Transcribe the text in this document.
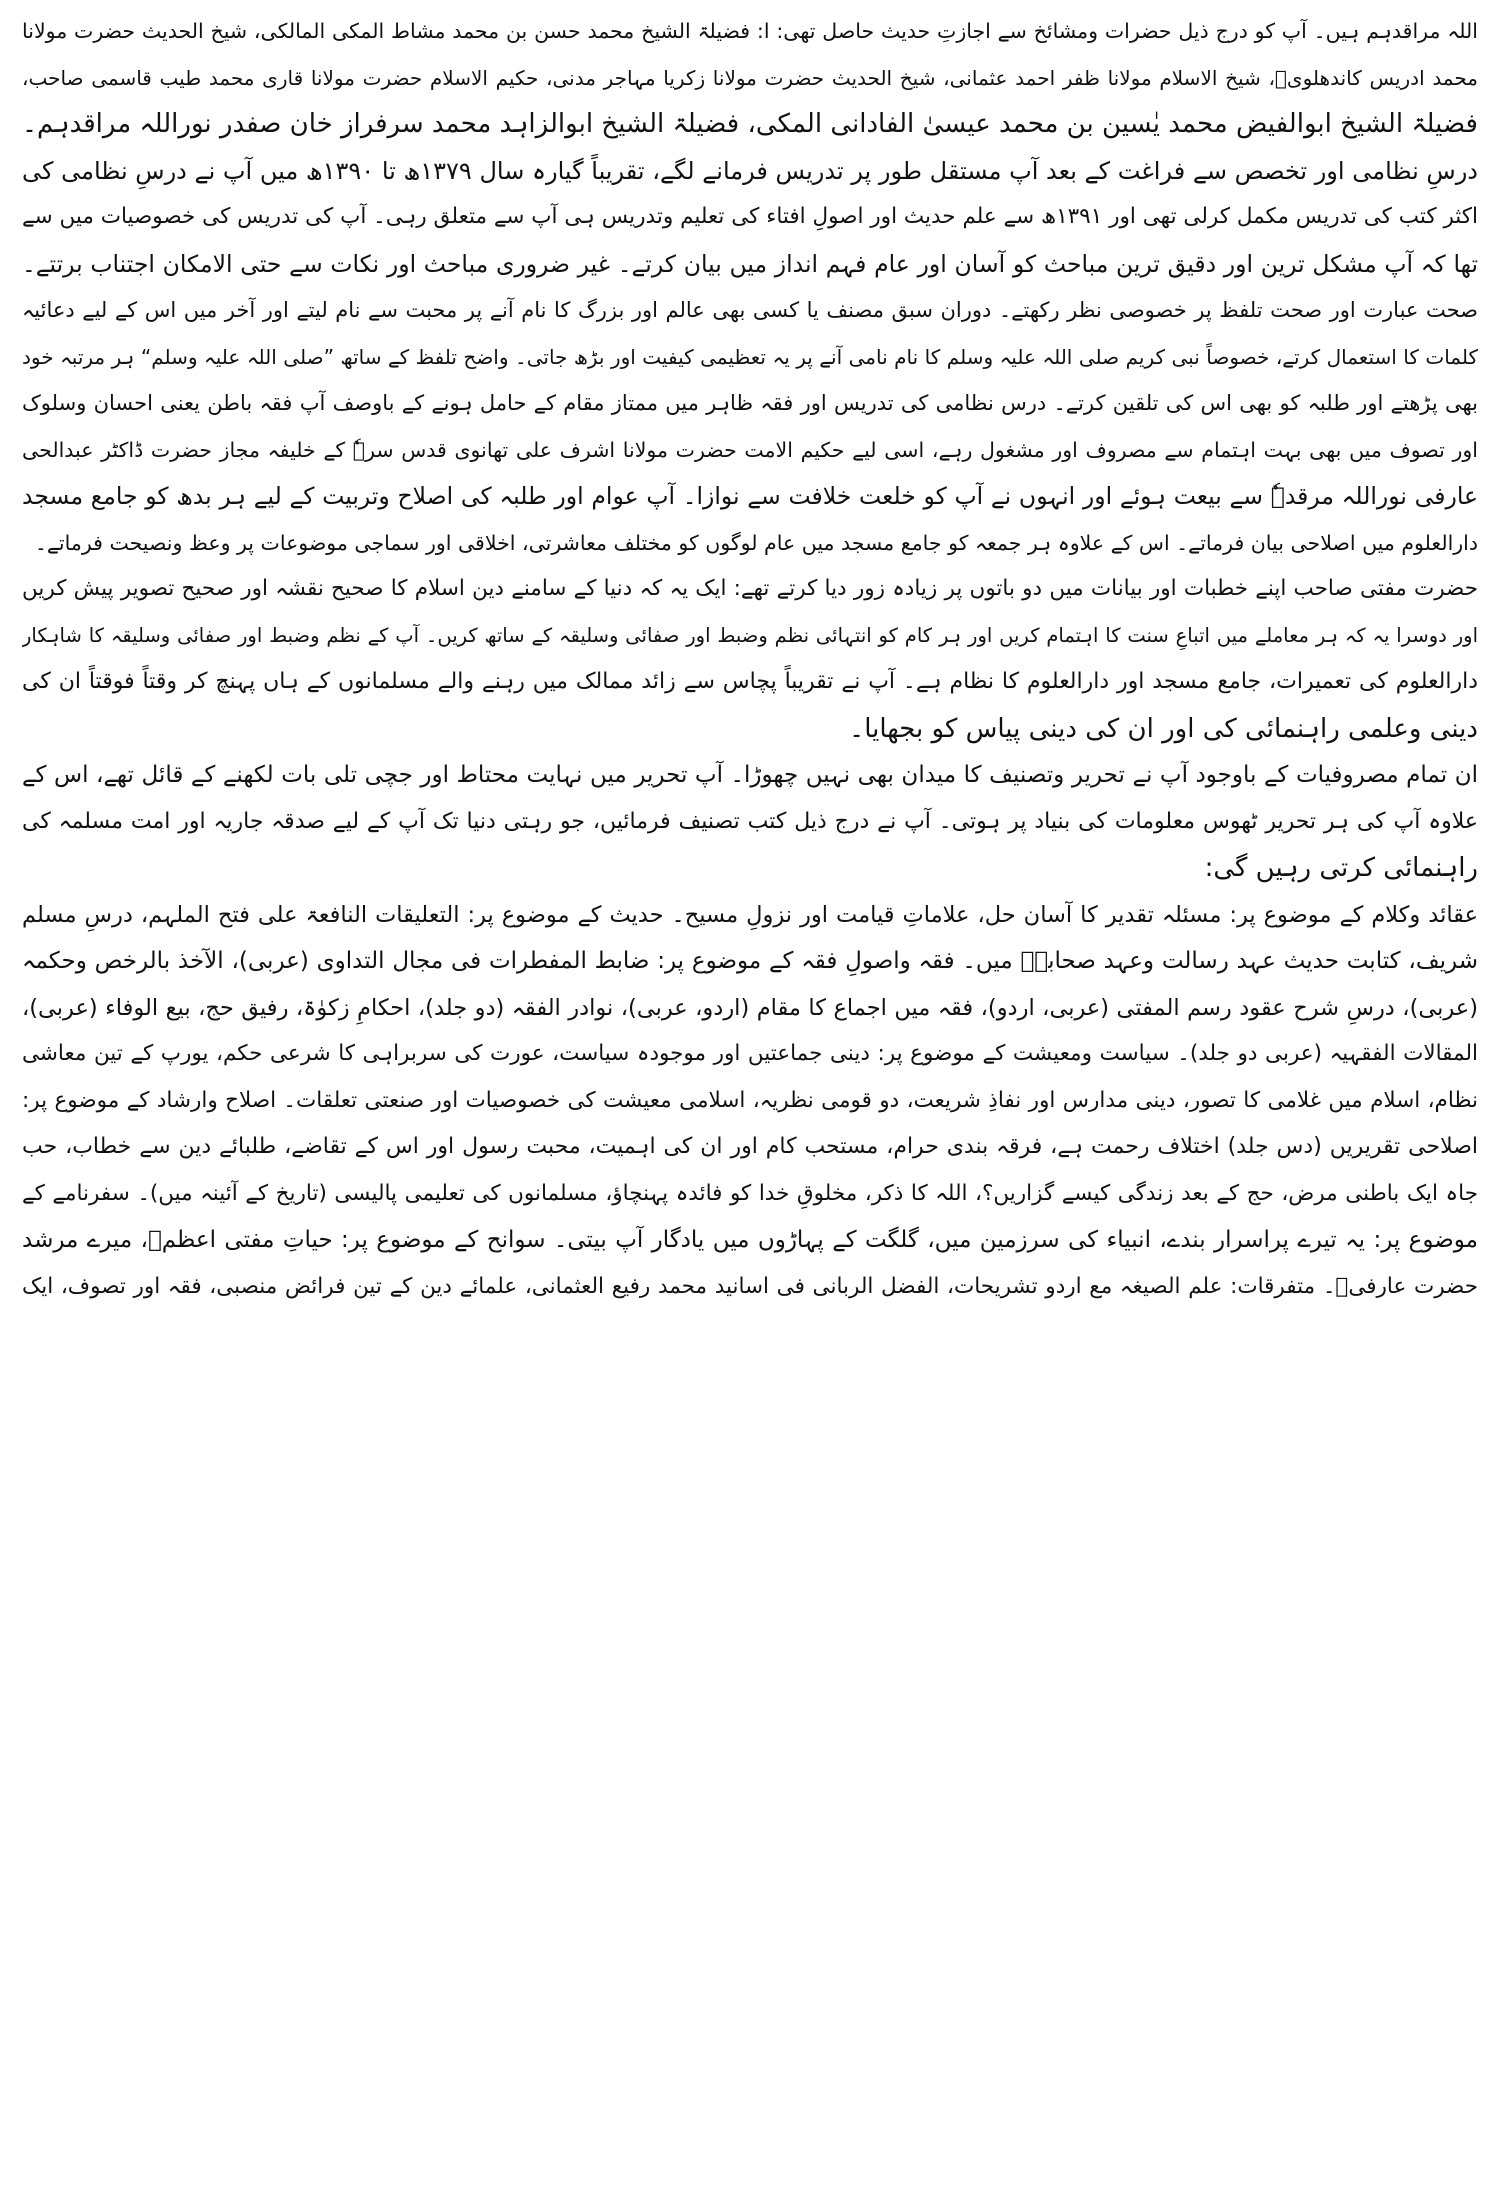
اللہ مراقدہم ہیں۔ آپ کو درج ذیل حضرات ومشائخ سے اجازتِ حدیث حاصل تھی: ا: فضیلۃ الشیخ محمد حسن بن محمد مشاط المکی المالکی، شیخ الحدیث حضرت مولانا
محمد ادریس کاندھلویؒ، شیخ الاسلام مولانا ظفر احمد عثمانی، شیخ الحدیث حضرت مولانا زکریا مہاجر مدنی، حکیم الاسلام حضرت مولانا قاری محمد طیب قاسمی صاحب،
فضیلۃ الشیخ ابوالفیض محمد یٰسین بن محمد عیسیٰ الفادانی المکی، فضیلۃ الشیخ ابوالزاہد محمد سرفراز خان صفدر نوراللہ مراقدہم۔
درسِ نظامی اور تخصص سے فراغت کے بعد آپ مستقل طور پر تدریس فرمانے لگے، تقریباً گیارہ سال ۱۳۷۹ھ تا ۱۳۹۰ھ میں آپ نے درسِ نظامی کی
اکثر کتب کی تدریس مکمل کرلی تھی اور ۱۳۹۱ھ سے علم حدیث اور اصولِ افتاء کی تعلیم وتدریس ہی آپ سے متعلق رہی۔ آپ کی تدریس کی خصوصیات میں سے
تھا کہ آپ مشکل ترین اور دقیق ترین مباحث کو آسان اور عام فہم انداز میں بیان کرتے۔ غیر ضروری مباحث اور نکات سے حتی الامکان اجتناب برتتے۔
صحت عبارت اور صحت تلفظ پر خصوصی نظر رکھتے۔ دوران سبق مصنف یا کسی بھی عالم اور بزرگ کا نام آنے پر محبت سے نام لیتے اور آخر میں اس کے لیے دعائیہ
کلمات کا استعمال کرتے، خصوصاً نبی کریم صلی اللہ علیہ وسلم کا نام نامی آنے پر یہ تعظیمی کیفیت اور بڑھ جاتی۔ واضح تلفظ کے ساتھ ”صلی اللہ علیہ وسلم“ ہر مرتبہ خود
بھی پڑھتے اور طلبہ کو بھی اس کی تلقین کرتے۔ درس نظامی کی تدریس اور فقہ ظاہر میں ممتاز مقام کے حامل ہونے کے باوصف آپ فقہ باطن یعنی احسان وسلوک
اور تصوف میں بھی بہت اہتمام سے مصروف اور مشغول رہے، اسی لیے حکیم الامت حضرت مولانا اشرف علی تھانوی قدس سرہٗ کے خلیفہ مجاز حضرت ڈاکٹر عبدالحی
عارفی نوراللہ مرقدہٗ سے بیعت ہوئے اور انہوں نے آپ کو خلعت خلافت سے نوازا۔ آپ عوام اور طلبہ کی اصلاح وتربیت کے لیے ہر بدھ کو جامع مسجد
دارالعلوم میں اصلاحی بیان فرماتے۔ اس کے علاوہ ہر جمعہ کو جامع مسجد میں عام لوگوں کو مختلف معاشرتی، اخلاقی اور سماجی موضوعات پر وعظ ونصیحت فرماتے۔
حضرت مفتی صاحب اپنے خطبات اور بیانات میں دو باتوں پر زیادہ زور دیا کرتے تھے: ایک یہ کہ دنیا کے سامنے دین اسلام کا صحیح نقشہ اور صحیح تصویر پیش کریں
اور دوسرا یہ کہ ہر معاملے میں اتباعِ سنت کا اہتمام کریں اور ہر کام کو انتہائی نظم وضبط اور صفائی وسلیقہ کے ساتھ کریں۔ آپ کے نظم وضبط اور صفائی وسلیقہ کا شاہکار
دارالعلوم کی تعمیرات، جامع مسجد اور دارالعلوم کا نظام ہے۔ آپ نے تقریباً پچاس سے زائد ممالک میں رہنے والے مسلمانوں کے ہاں پہنچ کر وقتاً فوقتاً ان کی
دینی وعلمی راہنمائی کی اور ان کی دینی پیاس کو بجھایا۔
ان تمام مصروفیات کے باوجود آپ نے تحریر وتصنیف کا میدان بھی نہیں چھوڑا۔ آپ تحریر میں نہایت محتاط اور جچی تلی بات لکھنے کے قائل تھے، اس کے
علاوہ آپ کی ہر تحریر ٹھوس معلومات کی بنیاد پر ہوتی۔ آپ نے درج ذیل کتب تصنیف فرمائیں، جو رہتی دنیا تک آپ کے لیے صدقہ جاریہ اور امت مسلمہ کی
راہنمائی کرتی رہیں گی:
عقائد وکلام کے موضوع پر: مسئلہ تقدیر کا آسان حل، علاماتِ قیامت اور نزولِ مسیح۔ حدیث کے موضوع پر: التعلیقات النافعۃ علی فتح الملہم، درسِ مسلم
شریف، کتابت حدیث عہد رسالت وعہد صحابہؓ میں۔ فقہ واصولِ فقہ کے موضوع پر: ضابط المفطرات فی مجال التداوی (عربی)، الآخذ بالرخص وحکمہ
(عربی)، درسِ شرح عقود رسم المفتی (عربی، اردو)، فقہ میں اجماع کا مقام (اردو، عربی)، نوادر الفقہ (دو جلد)، احکامِ زکوٰۃ، رفیق حج، بیع الوفاء (عربی)،
المقالات الفقہیہ (عربی دو جلد)۔ سیاست ومعیشت کے موضوع پر: دینی جماعتیں اور موجودہ سیاست، عورت کی سربراہی کا شرعی حکم، یورپ کے تین معاشی
نظام، اسلام میں غلامی کا تصور، دینی مدارس اور نفاذِ شریعت، دو قومی نظریہ، اسلامی معیشت کی خصوصیات اور صنعتی تعلقات۔ اصلاح وارشاد کے موضوع پر:
اصلاحی تقریریں (دس جلد) اختلاف رحمت ہے، فرقہ بندی حرام، مستحب کام اور ان کی اہمیت، محبت رسول اور اس کے تقاضے، طلبائے دین سے خطاب، حب
جاہ ایک باطنی مرض، حج کے بعد زندگی کیسے گزاریں؟، اللہ کا ذکر، مخلوقِ خدا کو فائدہ پہنچاؤ، مسلمانوں کی تعلیمی پالیسی (تاریخ کے آئینہ میں)۔ سفرنامے کے
موضوع پر: یہ تیرے پراسرار بندے، انبیاء کی سرزمین میں، گلگت کے پہاڑوں میں یادگار آپ بیتی۔ سوانح کے موضوع پر: حیاتِ مفتی اعظمؒ، میرے مرشد
حضرت عارفیؒ۔ متفرقات: علم الصیغہ مع اردو تشریحات، الفضل الربانی فی اسانید محمد رفیع العثمانی، علمائے دین کے تین فرائض منصبی، فقہ اور تصوف، ایک
